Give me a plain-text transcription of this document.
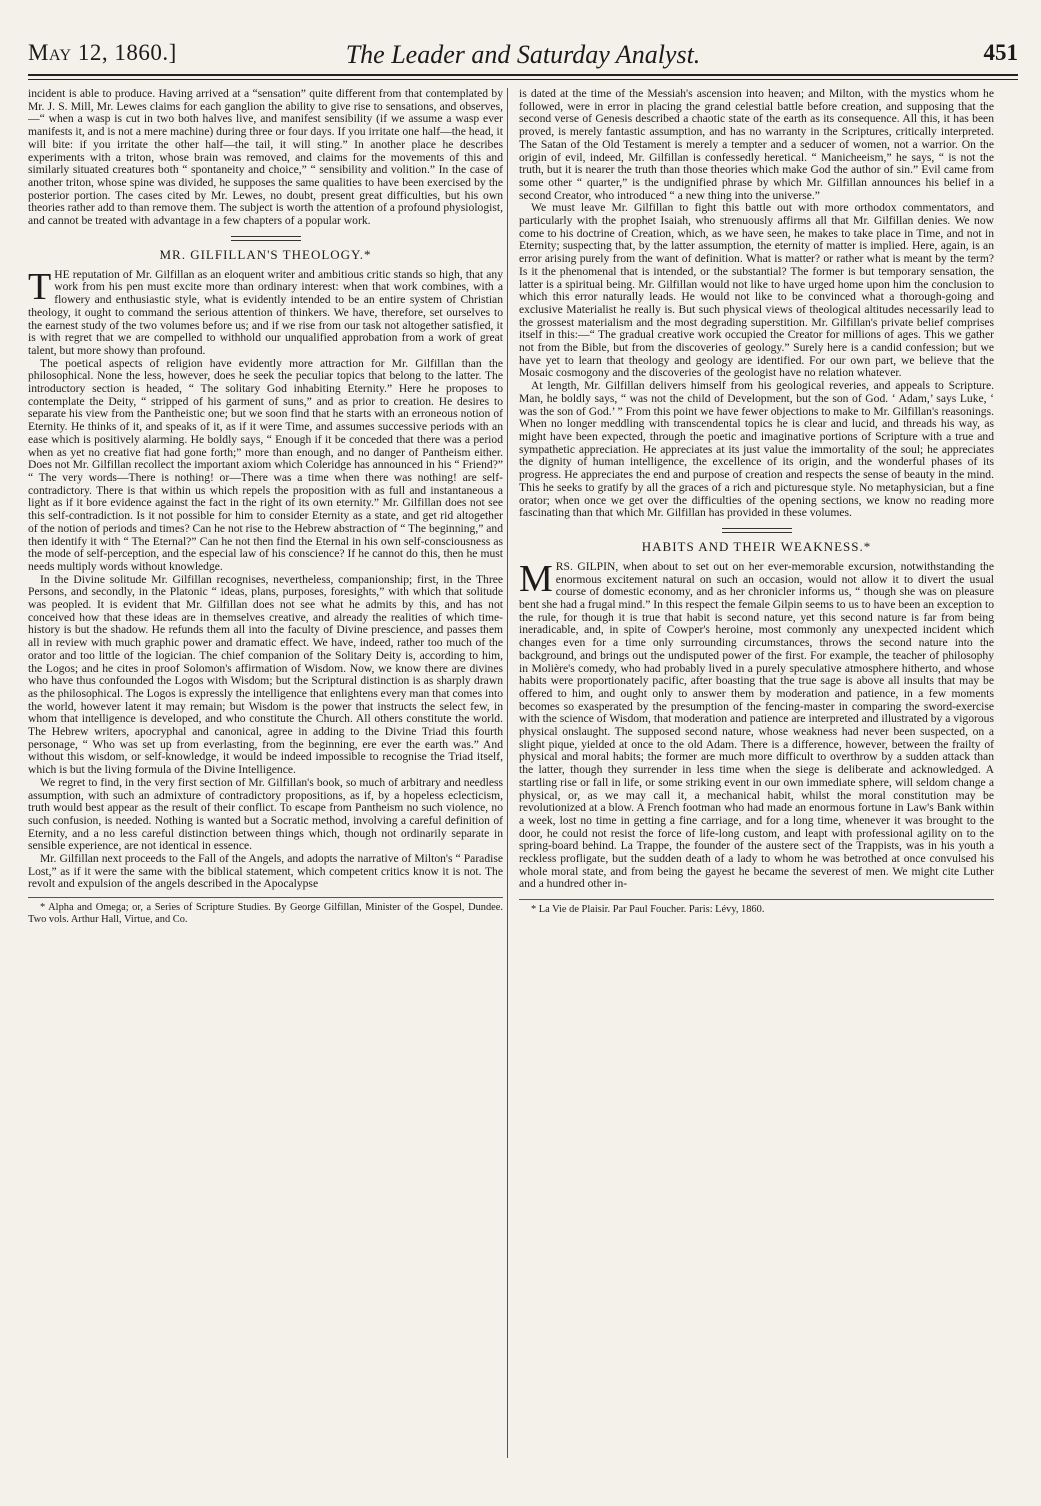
May 12, 1860.]	The Leader and Saturday Analyst.	451

incident is able to produce. Having arrived at a “sensation” quite different from that contemplated by Mr. J. S. Mill, Mr. Lewes claims for each ganglion the ability to give rise to sensations, and observes,—“ when a wasp is cut in two both halves live, and manifest sensibility (if we assume a wasp ever manifests it, and is not a mere machine) during three or four days. If you irritate one half—the head, it will bite: if you irritate the other half—the tail, it will sting.” In another place he describes experiments with a triton, whose brain was removed, and claims for the movements of this and similarly situated creatures both “ spontaneity and choice,” “ sensibility and volition.” In the case of another triton, whose spine was divided, he supposes the same qualities to have been exercised by the posterior portion. The cases cited by Mr. Lewes, no doubt, present great difficulties, but his own theories rather add to than remove them. The subject is worth the attention of a profound physiologist, and cannot be treated with advantage in a few chapters of a popular work.

MR. GILFILLAN'S THEOLOGY.*

THE reputation of Mr. Gilfillan as an eloquent writer and ambitious critic stands so high, that any work from his pen must excite more than ordinary interest: when that work combines, with a flowery and enthusiastic style, what is evidently intended to be an entire system of Christian theology, it ought to command the serious attention of thinkers. We have, therefore, set ourselves to the earnest study of the two volumes before us; and if we rise from our task not altogether satisfied, it is with regret that we are compelled to withhold our unqualified approbation from a work of great talent, but more showy than profound.

The poetical aspects of religion have evidently more attraction for Mr. Gilfillan than the philosophical. None the less, however, does he seek the peculiar topics that belong to the latter. The introductory section is headed, “ The solitary God inhabiting Eternity.” Here he proposes to contemplate the Deity, “ stripped of his garment of suns,” and as prior to creation. He desires to separate his view from the Pantheistic one; but we soon find that he starts with an erroneous notion of Eternity. He thinks of it, and speaks of it, as if it were Time, and assumes successive periods with an ease which is positively alarming. He boldly says, “ Enough if it be conceded that there was a period when as yet no creative fiat had gone forth;” more than enough, and no danger of Pantheism either. Does not Mr. Gilfillan recollect the important axiom which Coleridge has announced in his “ Friend?” “ The very words—There is nothing! or—There was a time when there was nothing! are self-contradictory. There is that within us which repels the proposition with as full and instantaneous a light as if it bore evidence against the fact in the right of its own eternity.” Mr. Gilfillan does not see this self-contradiction. Is it not possible for him to consider Eternity as a state, and get rid altogether of the notion of periods and times? Can he not rise to the Hebrew abstraction of “ The beginning,” and then identify it with “ The Eternal?” Can he not then find the Eternal in his own self-consciousness as the mode of self-perception, and the especial law of his conscience? If he cannot do this, then he must needs multiply words without knowledge.

In the Divine solitude Mr. Gilfillan recognises, nevertheless, companionship; first, in the Three Persons, and secondly, in the Platonic “ ideas, plans, purposes, foresights,” with which that solitude was peopled. It is evident that Mr. Gilfillan does not see what he admits by this, and has not conceived how that these ideas are in themselves creative, and already the realities of which time-history is but the shadow. He refunds them all into the faculty of Divine prescience, and passes them all in review with much graphic power and dramatic effect. We have, indeed, rather too much of the orator and too little of the logician. The chief companion of the Solitary Deity is, according to him, the Logos; and he cites in proof Solomon's affirmation of Wisdom. Now, we know there are divines who have thus confounded the Logos with Wisdom; but the Scriptural distinction is as sharply drawn as the philosophical. The Logos is expressly the intelligence that enlightens every man that comes into the world, however latent it may remain; but Wisdom is the power that instructs the select few, in whom that intelligence is developed, and who constitute the Church. All others constitute the world. The Hebrew writers, apocryphal and canonical, agree in adding to the Divine Triad this fourth personage, “ Who was set up from everlasting, from the beginning, ere ever the earth was.” And without this wisdom, or self-knowledge, it would be indeed impossible to recognise the Triad itself, which is but the living formula of the Divine Intelligence.

We regret to find, in the very first section of Mr. Gilfillan's book, so much of arbitrary and needless assumption, with such an admixture of contradictory propositions, as if, by a hopeless eclecticism, truth would best appear as the result of their conflict. To escape from Pantheism no such violence, no such confusion, is needed. Nothing is wanted but a Socratic method, involving a careful definition of Eternity, and a no less careful distinction between things which, though not ordinarily separate in sensible experience, are not identical in essence.

Mr. Gilfillan next proceeds to the Fall of the Angels, and adopts the narrative of Milton's “ Paradise Lost,” as if it were the same with the biblical statement, which competent critics know it is not. The revolt and expulsion of the angels described in the Apocalypse

* Alpha and Omega; or, a Series of Scripture Studies. By George Gilfillan, Minister of the Gospel, Dundee. Two vols. Arthur Hall, Virtue, and Co.

is dated at the time of the Messiah's ascension into heaven; and Milton, with the mystics whom he followed, were in error in placing the grand celestial battle before creation, and supposing that the second verse of Genesis described a chaotic state of the earth as its consequence. All this, it has been proved, is merely fantastic assumption, and has no warranty in the Scriptures, critically interpreted. The Satan of the Old Testament is merely a tempter and a seducer of women, not a warrior. On the origin of evil, indeed, Mr. Gilfillan is confessedly heretical. “ Manicheeism,” he says, “ is not the truth, but it is nearer the truth than those theories which make God the author of sin.” Evil came from some other “ quarter,” is the undignified phrase by which Mr. Gilfillan announces his belief in a second Creator, who introduced “ a new thing into the universe.”

We must leave Mr. Gilfillan to fight this battle out with more orthodox commentators, and particularly with the prophet Isaiah, who strenuously affirms all that Mr. Gilfillan denies. We now come to his doctrine of Creation, which, as we have seen, he makes to take place in Time, and not in Eternity; suspecting that, by the latter assumption, the eternity of matter is implied. Here, again, is an error arising purely from the want of definition. What is matter? or rather what is meant by the term? Is it the phenomenal that is intended, or the substantial? The former is but temporary sensation, the latter is a spiritual being. Mr. Gilfillan would not like to have urged home upon him the conclusion to which this error naturally leads. He would not like to be convinced what a thorough-going and exclusive Materialist he really is. But such physical views of theological altitudes necessarily lead to the grossest materialism and the most degrading superstition. Mr. Gilfillan's private belief comprises itself in this:—“ The gradual creative work occupied the Creator for millions of ages. This we gather not from the Bible, but from the discoveries of geology.” Surely here is a candid confession; but we have yet to learn that theology and geology are identified. For our own part, we believe that the Mosaic cosmogony and the discoveries of the geologist have no relation whatever.

At length, Mr. Gilfillan delivers himself from his geological reveries, and appeals to Scripture. Man, he boldly says, “ was not the child of Development, but the son of God. ‘ Adam,’ says Luke, ‘ was the son of God.’ ” From this point we have fewer objections to make to Mr. Gilfillan's reasonings. When no longer meddling with transcendental topics he is clear and lucid, and threads his way, as might have been expected, through the poetic and imaginative portions of Scripture with a true and sympathetic appreciation. He appreciates at its just value the immortality of the soul; he appreciates the dignity of human intelligence, the excellence of its origin, and the wonderful phases of its progress. He appreciates the end and purpose of creation and respects the sense of beauty in the mind. This he seeks to gratify by all the graces of a rich and picturesque style. No metaphysician, but a fine orator; when once we get over the difficulties of the opening sections, we know no reading more fascinating than that which Mr. Gilfillan has provided in these volumes.

HABITS AND THEIR WEAKNESS.*

MRS. GILPIN, when about to set out on her ever-memorable excursion, notwithstanding the enormous excitement natural on such an occasion, would not allow it to divert the usual course of domestic economy, and as her chronicler informs us, “ though she was on pleasure bent she had a frugal mind.” In this respect the female Gilpin seems to us to have been an exception to the rule, for though it is true that habit is second nature, yet this second nature is far from being ineradicable, and, in spite of Cowper's heroine, most commonly any unexpected incident which changes even for a time only surrounding circumstances, throws the second nature into the background, and brings out the undisputed power of the first. For example, the teacher of philosophy in Molière's comedy, who had probably lived in a purely speculative atmosphere hitherto, and whose habits were proportionately pacific, after boasting that the true sage is above all insults that may be offered to him, and ought only to answer them by moderation and patience, in a few moments becomes so exasperated by the presumption of the fencing-master in comparing the sword-exercise with the science of Wisdom, that moderation and patience are interpreted and illustrated by a vigorous physical onslaught. The supposed second nature, whose weakness had never been suspected, on a slight pique, yielded at once to the old Adam. There is a difference, however, between the frailty of physical and moral habits; the former are much more difficult to overthrow by a sudden attack than the latter, though they surrender in less time when the siege is deliberate and acknowledged. A startling rise or fall in life, or some striking event in our own immediate sphere, will seldom change a physical, or, as we may call it, a mechanical habit, whilst the moral constitution may be revolutionized at a blow. A French footman who had made an enormous fortune in Law's Bank within a week, lost no time in getting a fine carriage, and for a long time, whenever it was brought to the door, he could not resist the force of life-long custom, and leapt with professional agility on to the spring-board behind. La Trappe, the founder of the austere sect of the Trappists, was in his youth a reckless profligate, but the sudden death of a lady to whom he was betrothed at once convulsed his whole moral state, and from being the gayest he became the severest of men. We might cite Luther and a hundred other in-

* La Vie de Plaisir. Par Paul Foucher. Paris: Lévy, 1860.
